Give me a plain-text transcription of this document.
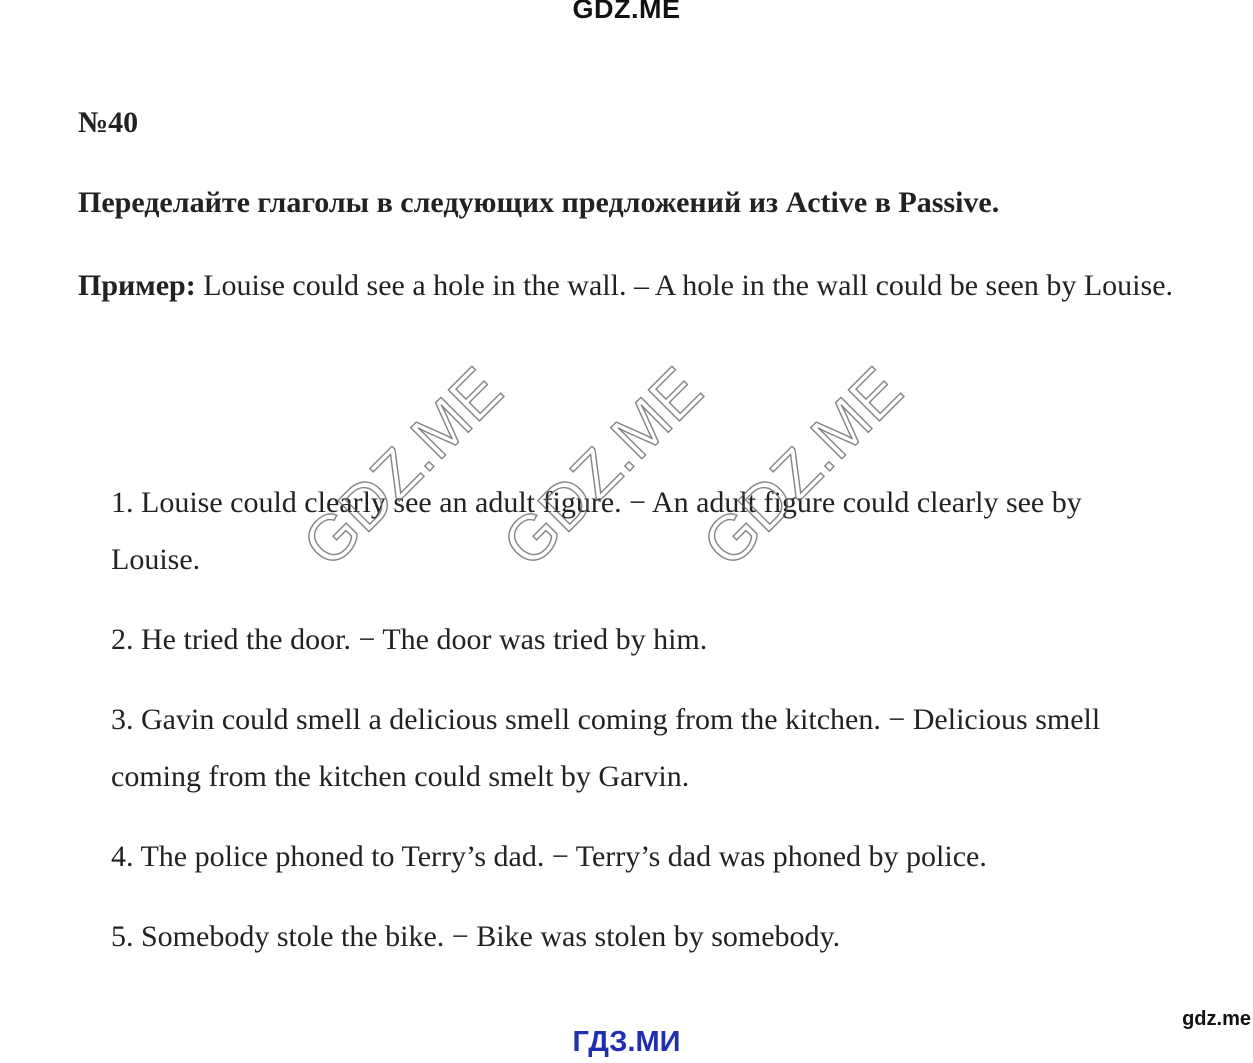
GDZ.ME
№40
Переделайте глаголы в следующих предложений из Active в Passive.
Пример: Louise could see a hole in the wall. – A hole in the wall could be seen by Louise.
1. Louise could clearly see an adult figure. − An adult figure could clearly see by Louise.
2. He tried the door. − The door was tried by him.
3. Gavin could smell a delicious smell coming from the kitchen. − Delicious smell coming from the kitchen could smelt by Garvin.
4. The police phoned to Terry’s dad. − Terry’s dad was phoned by police.
5. Somebody stole the bike. − Bike was stolen by somebody.
GDZ.ME
GDZ.ME
GDZ.ME
ГДЗ.МИ
gdz.me
